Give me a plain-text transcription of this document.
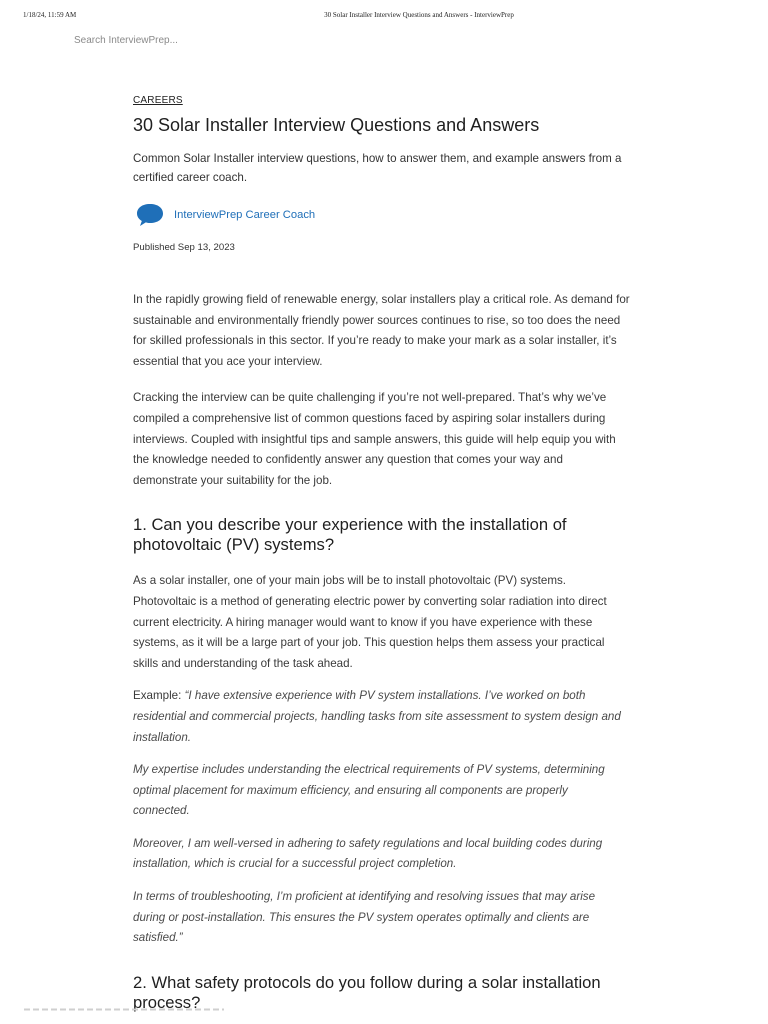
1/18/24, 11:59 AM	30 Solar Installer Interview Questions and Answers - InterviewPrep
Search InterviewPrep...
CAREERS
30 Solar Installer Interview Questions and Answers

Common Solar Installer interview questions, how to answer them, and example answers from a certified career coach.

InterviewPrep Career Coach
Published Sep 13, 2023

In the rapidly growing field of renewable energy, solar installers play a critical role. As demand for sustainable and environmentally friendly power sources continues to rise, so too does the need for skilled professionals in this sector. If you’re ready to make your mark as a solar installer, it’s essential that you ace your interview.

Cracking the interview can be quite challenging if you’re not well-prepared. That’s why we’ve compiled a comprehensive list of common questions faced by aspiring solar installers during interviews. Coupled with insightful tips and sample answers, this guide will help equip you with the knowledge needed to confidently answer any question that comes your way and demonstrate your suitability for the job.

1. Can you describe your experience with the installation of photovoltaic (PV) systems?

As a solar installer, one of your main jobs will be to install photovoltaic (PV) systems. Photovoltaic is a method of generating electric power by converting solar radiation into direct current electricity. A hiring manager would want to know if you have experience with these systems, as it will be a large part of your job. This question helps them assess your practical skills and understanding of the task ahead.

Example: “I have extensive experience with PV system installations. I’ve worked on both residential and commercial projects, handling tasks from site assessment to system design and installation.

My expertise includes understanding the electrical requirements of PV systems, determining optimal placement for maximum efficiency, and ensuring all components are properly connected.

Moreover, I am well-versed in adhering to safety regulations and local building codes during installation, which is crucial for a successful project completion.

In terms of troubleshooting, I’m proficient at identifying and resolving issues that may arise during or post-installation. This ensures the PV system operates optimally and clients are satisfied.”

2. What safety protocols do you follow during a solar installation process?
